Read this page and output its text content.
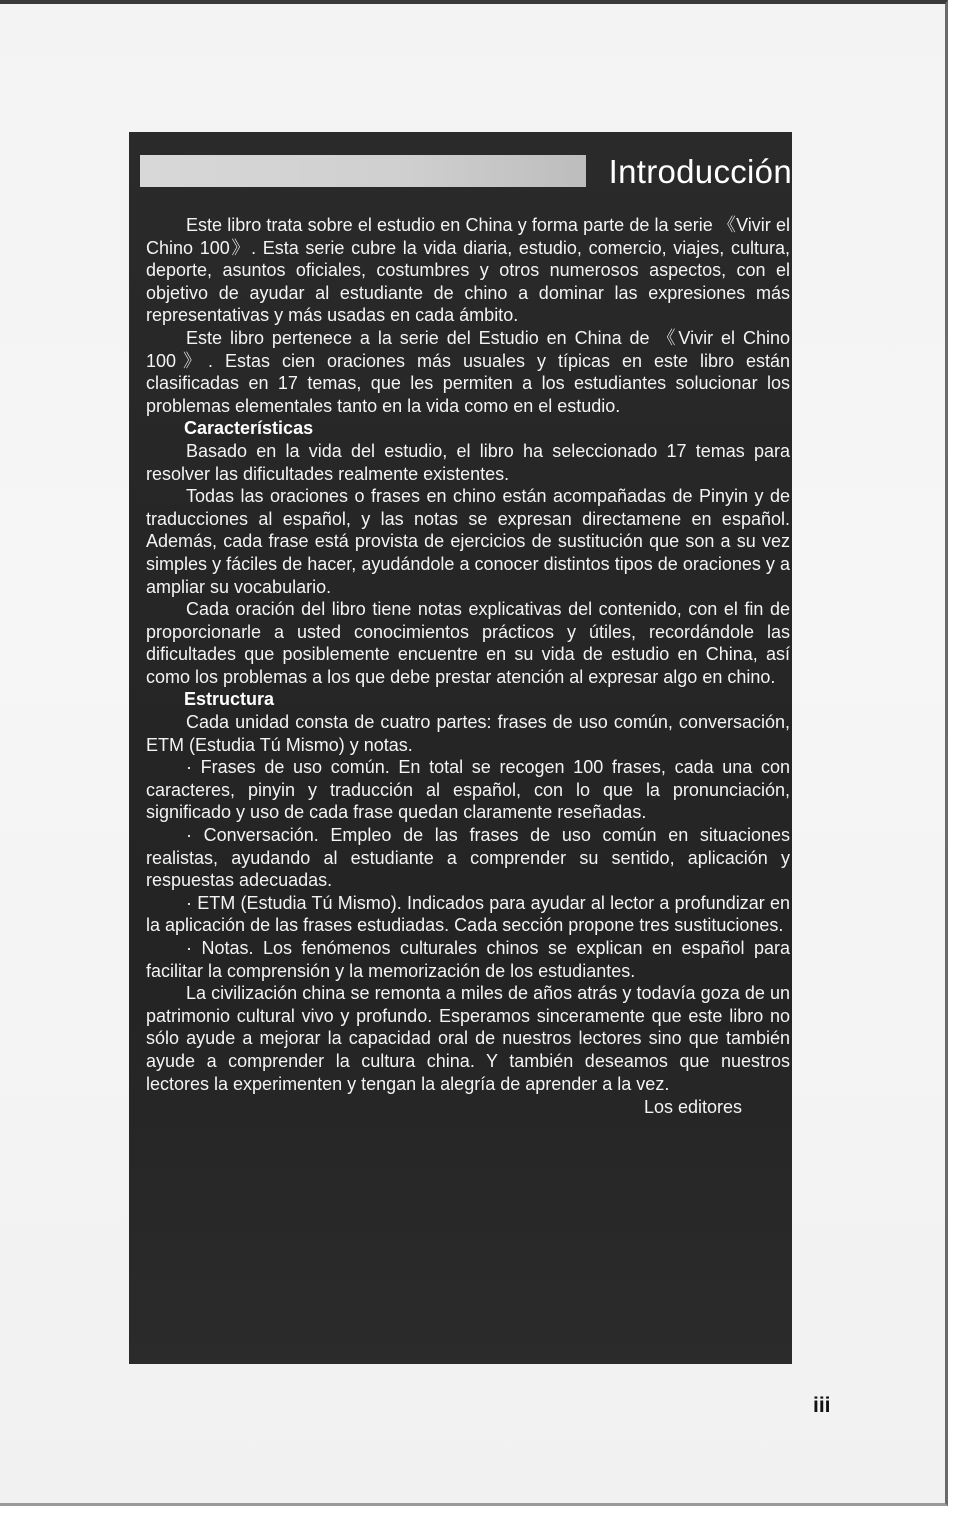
Introducción

Este libro trata sobre el estudio en China y forma parte de la serie 《Vivir el Chino 100》. Esta serie cubre la vida diaria, estudio, comercio, viajes, cultura, deporte, asuntos oficiales, costumbres y otros numerosos aspectos, con el objetivo de ayudar al estudiante de chino a dominar las expresiones más representativas y más usadas en cada ámbito.

Este libro pertenece a la serie del Estudio en China de 《Vivir el Chino 100》. Estas cien oraciones más usuales y típicas en este libro están clasificadas en 17 temas, que les permiten a los estudiantes solucionar los problemas elementales tanto en la vida como en el estudio.

Características

Basado en la vida del estudio, el libro ha seleccionado 17 temas para resolver las dificultades realmente existentes.

Todas las oraciones o frases en chino están acompañadas de Pinyin y de traducciones al español, y las notas se expresan directamene en español. Además, cada frase está provista de ejercicios de sustitución que son a su vez simples y fáciles de hacer, ayudándole a conocer distintos tipos de oraciones y a ampliar su vocabulario.

Cada oración del libro tiene notas explicativas del contenido, con el fin de proporcionarle a usted conocimientos prácticos y útiles, recordándole las dificultades que posiblemente encuentre en su vida de estudio en China, así como los problemas a los que debe prestar atención al expresar algo en chino.

Estructura

Cada unidad consta de cuatro partes: frases de uso común, conversación, ETM (Estudia Tú Mismo) y notas.

· Frases de uso común. En total se recogen 100 frases, cada una con caracteres, pinyin y traducción al español, con lo que la pronunciación, significado y uso de cada frase quedan claramente reseñadas.

· Conversación. Empleo de las frases de uso común en situaciones realistas, ayudando al estudiante a comprender su sentido, aplicación y respuestas adecuadas.

· ETM (Estudia Tú Mismo). Indicados para ayudar al lector a profundizar en la aplicación de las frases estudiadas. Cada sección propone tres sustituciones.

· Notas. Los fenómenos culturales chinos se explican en español para facilitar la comprensión y la memorización de los estudiantes.

La civilización china se remonta a miles de años atrás y todavía goza de un patrimonio cultural vivo y profundo. Esperamos sinceramente que este libro no sólo ayude a mejorar la capacidad oral de nuestros lectores sino que también ayude a comprender la cultura china. Y también deseamos que nuestros lectores la experimenten y tengan la alegría de aprender a la vez.

Los editores
iii
